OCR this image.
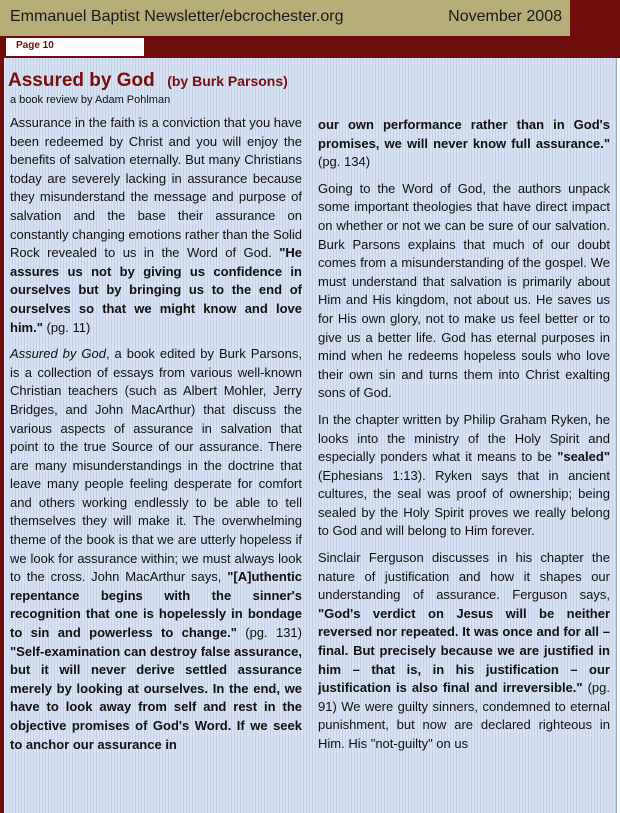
Emmanuel Baptist Newsletter/ebcrochester.org	November 2008
Page 10
Assured by God (by Burk Parsons)
a book review by Adam Pohlman

Assurance in the faith is a conviction that you have been redeemed by Christ and you will enjoy the benefits of salvation eternally. But many Christians today are severely lacking in assurance because they misunderstand the message and purpose of salvation and the base their assurance on constantly changing emotions rather than the Solid Rock revealed to us in the Word of God. "He assures us not by giving us confidence in ourselves but by bringing us to the end of ourselves so that we might know and love him." (pg. 11)

Assured by God, a book edited by Burk Parsons, is a collection of essays from various well-known Christian teachers (such as Albert Mohler, Jerry Bridges, and John MacArthur) that discuss the various aspects of assurance in salvation that point to the true Source of our assurance. There are many misunderstandings in the doctrine that leave many people feeling desperate for comfort and others working endlessly to be able to tell themselves they will make it. The overwhelming theme of the book is that we are utterly hopeless if we look for assurance within; we must always look to the cross. John MacArthur says, "[A]uthentic repentance begins with the sinner's recognition that one is hopelessly in bondage to sin and powerless to change." (pg. 131) "Self-examination can destroy false assurance, but it will never derive settled assurance merely by looking at ourselves. In the end, we have to look away from self and rest in the objective promises of God's Word. If we seek to anchor our assurance in

our own performance rather than in God's promises, we will never know full assurance." (pg. 134)

Going to the Word of God, the authors unpack some important theologies that have direct impact on whether or not we can be sure of our salvation. Burk Parsons explains that much of our doubt comes from a misunderstanding of the gospel. We must understand that salvation is primarily about Him and His kingdom, not about us. He saves us for His own glory, not to make us feel better or to give us a better life. God has eternal purposes in mind when he redeems hopeless souls who love their own sin and turns them into Christ exalting sons of God.

In the chapter written by Philip Graham Ryken, he looks into the ministry of the Holy Spirit and especially ponders what it means to be "sealed" (Ephesians 1:13). Ryken says that in ancient cultures, the seal was proof of ownership; being sealed by the Holy Spirit proves we really belong to God and will belong to Him forever.

Sinclair Ferguson discusses in his chapter the nature of justification and how it shapes our understanding of assurance. Ferguson says, "God's verdict on Jesus will be neither reversed nor repeated. It was once and for all – final. But precisely because we are justified in him – that is, in his justification – our justification is also final and irreversible." (pg. 91) We were guilty sinners, condemned to eternal punishment, but now are declared righteous in Him. His "not-guilty" on us
